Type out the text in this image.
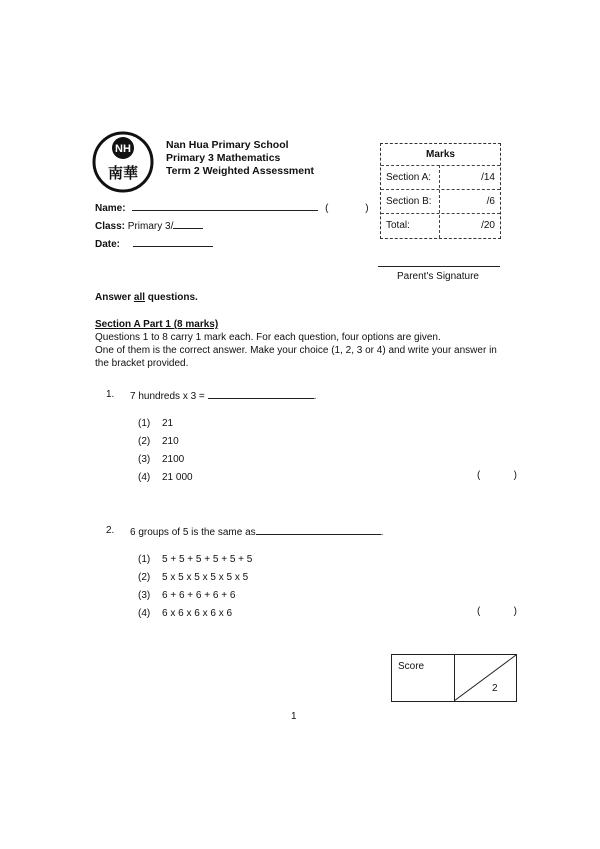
NH
南華
Nan Hua Primary School
Primary 3 Mathematics
Term 2 Weighted Assessment
Marks
Section A:	/14
Section B:	/6
Total:	/20
Name:	(	)
Class: Primary 3/
Date:
Parent's Signature
Answer all questions.
Section A Part 1 (8 marks)
Questions 1 to 8 carry 1 mark each. For each question, four options are given.
One of them is the correct answer. Make your choice (1, 2, 3 or 4) and write your answer in
the bracket provided.
1. 7 hundreds x 3 =	.
(1) 21
(2) 210
(3) 2100
(4) 21 000	(	)
2. 6 groups of 5 is the same as	.
(1) 5 + 5 + 5 + 5 + 5 + 5
(2) 5 x 5 x 5 x 5 x 5 x 5
(3) 6 + 6 + 6 + 6 + 6
(4) 6 x 6 x 6 x 6 x 6	(	)
Score
2
1
